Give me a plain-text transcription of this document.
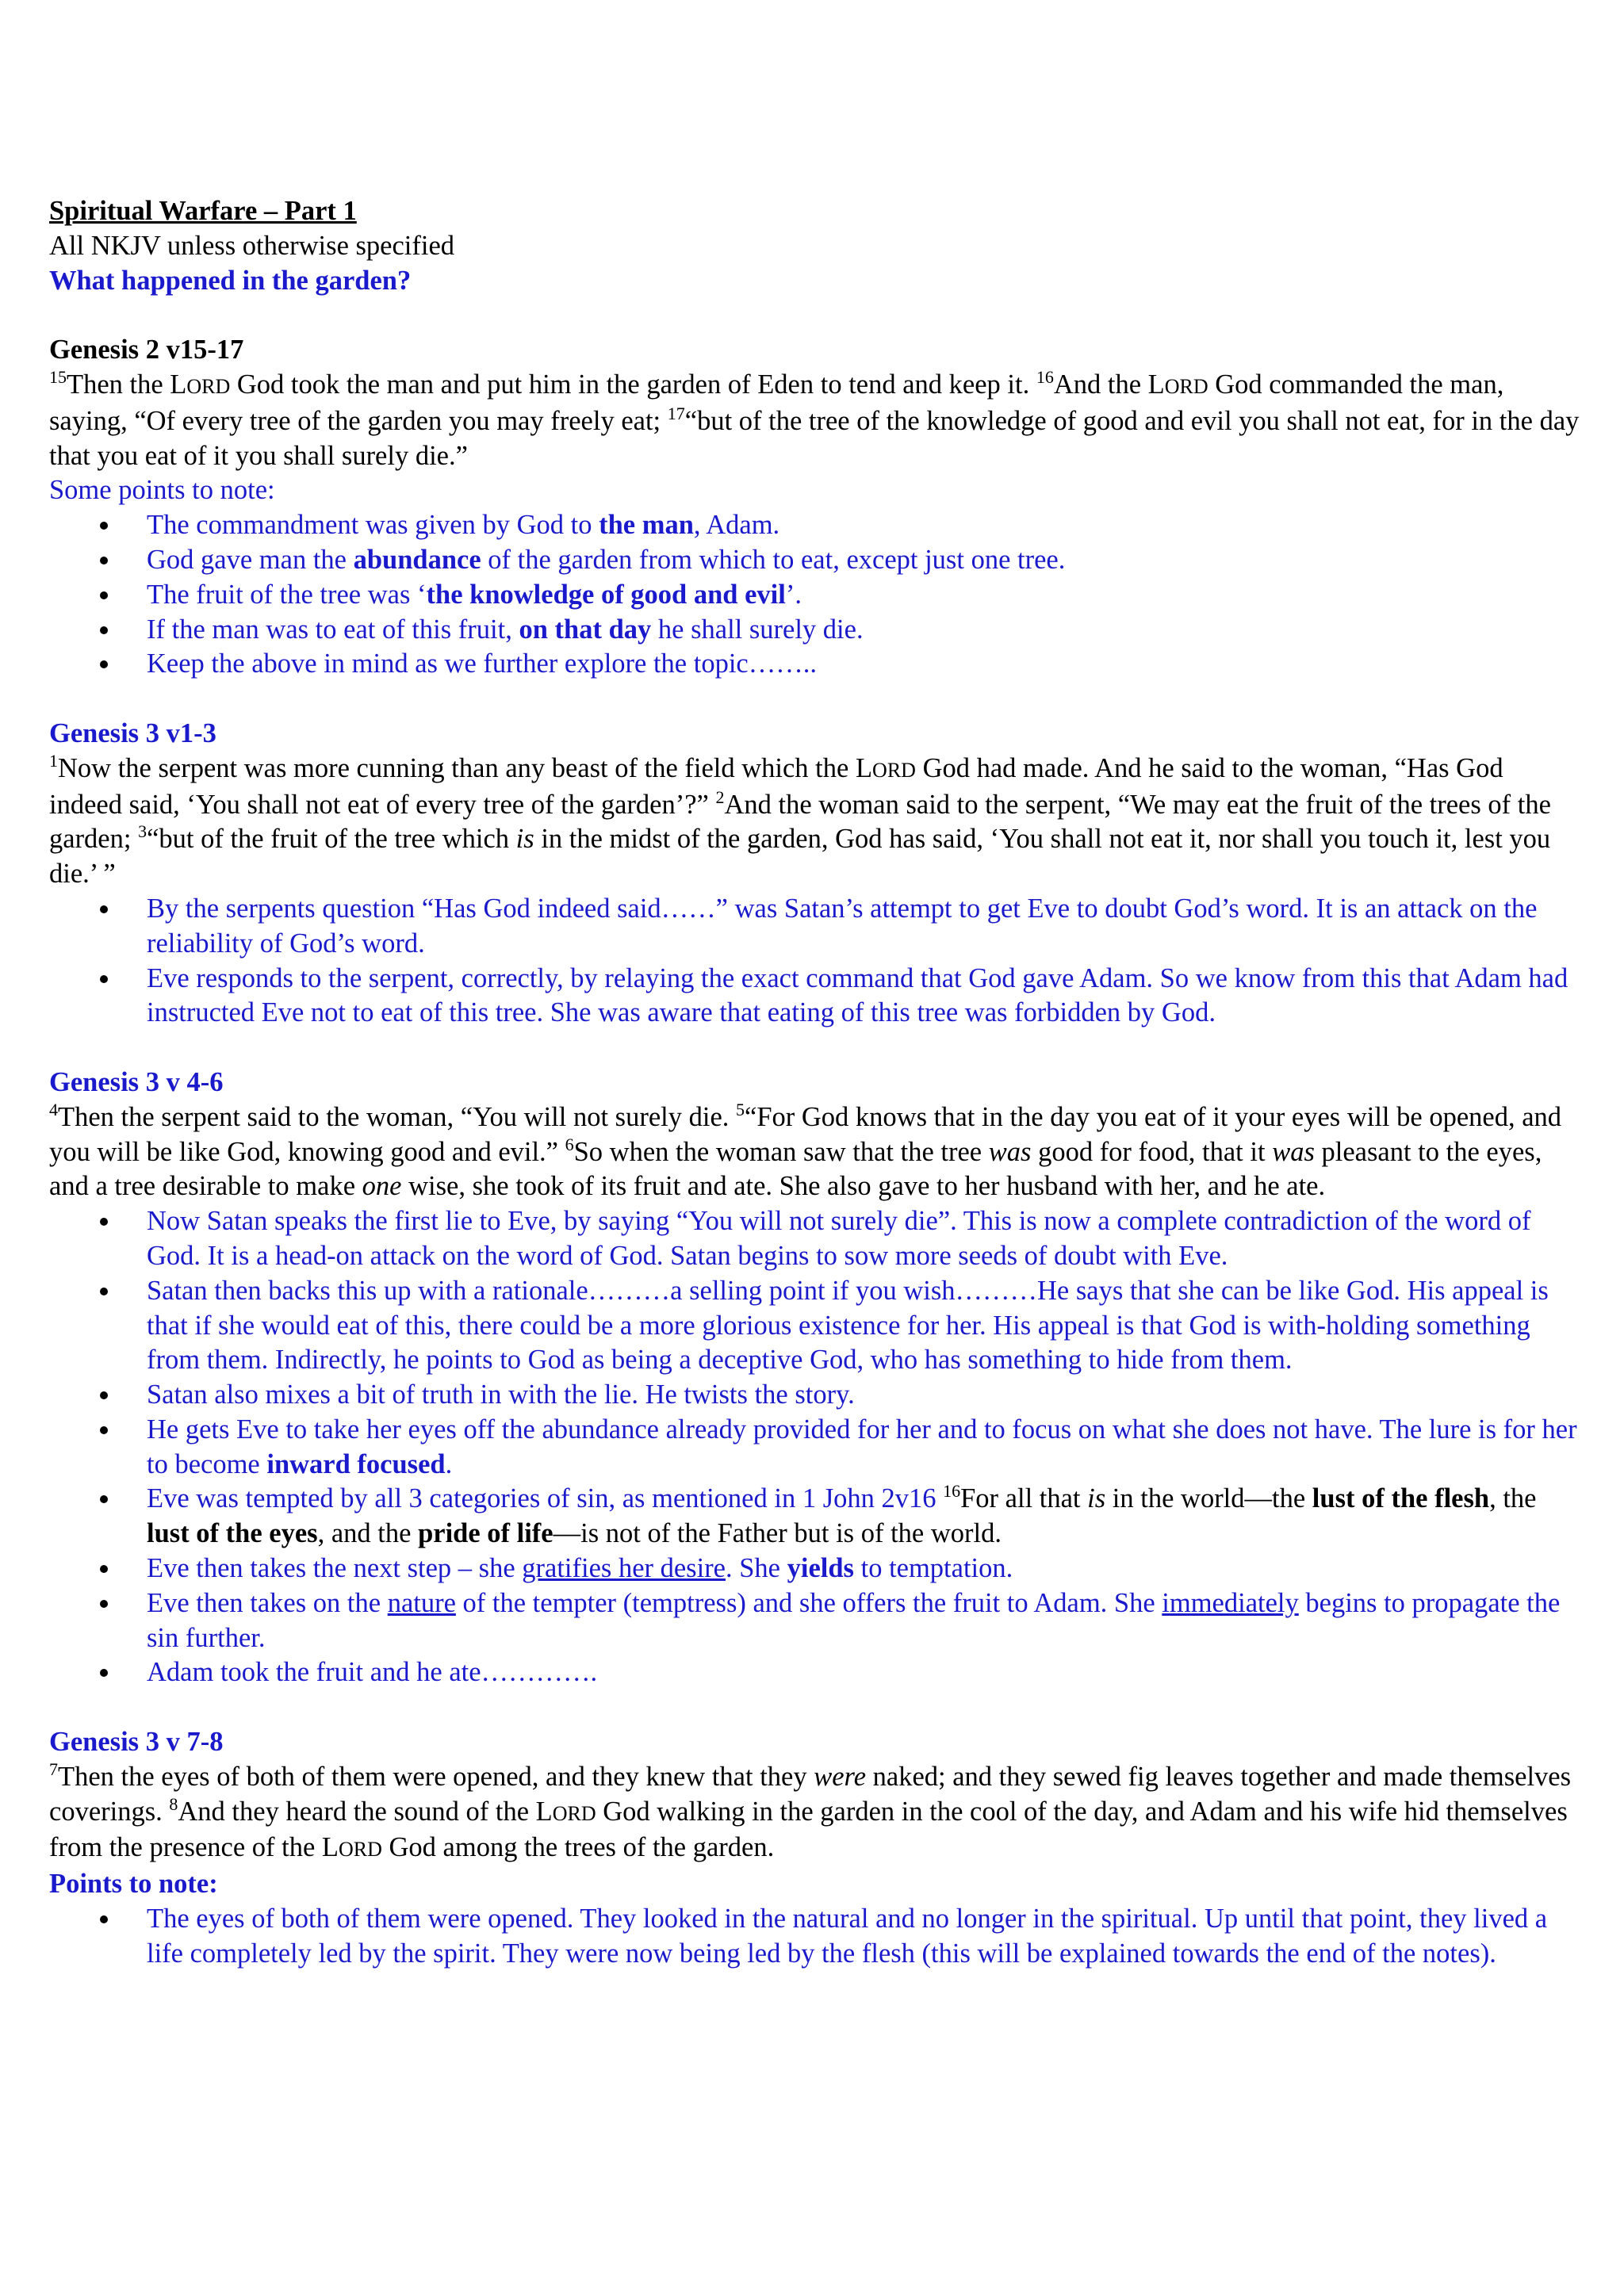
Spiritual Warfare – Part 1

All NKJV unless otherwise specified

What happened in the garden?

Genesis 2 v15-17

$^{15}$Then the LORD God took the man and put him in the garden of Eden to tend and keep it. $^{16}$And the LORD God commanded the man, saying, “Of every tree of the garden you may freely eat; $^{17}$“but of the tree of the knowledge of good and evil you shall not eat, for in the day that you eat of it you shall surely die.”

Some points to note:

The commandment was given by God to the man, Adam.
God gave man the abundance of the garden from which to eat, except just one tree.
The fruit of the tree was ‘the knowledge of good and evil’.
If the man was to eat of this fruit, on that day he shall surely die.
Keep the above in mind as we further explore the topic……..

Genesis 3 v1-3

$^1$Now the serpent was more cunning than any beast of the field which the LORD God had made. And he said to the woman, “Has God indeed said, ‘You shall not eat of every tree of the garden’?” $^2$And the woman said to the serpent, “We may eat the fruit of the trees of the garden; $^3$“but of the fruit of the tree which is in the midst of the garden, God has said, ‘You shall not eat it, nor shall you touch it, lest you die.’ ”

By the serpents question “Has God indeed said……” was Satan’s attempt to get Eve to doubt God’s word. It is an attack on the reliability of God’s word.
Eve responds to the serpent, correctly, by relaying the exact command that God gave Adam. So we know from this that Adam had instructed Eve not to eat of this tree. She was aware that eating of this tree was forbidden by God.

Genesis 3 v 4-6

$^4$Then the serpent said to the woman, “You will not surely die. $^5$“For God knows that in the day you eat of it your eyes will be opened, and you will be like God, knowing good and evil.” $^6$So when the woman saw that the tree was good for food, that it was pleasant to the eyes, and a tree desirable to make one wise, she took of its fruit and ate. She also gave to her husband with her, and he ate.

Now Satan speaks the first lie to Eve, by saying “You will not surely die”. This is now a complete contradiction of the word of God. It is a head-on attack on the word of God. Satan begins to sow more seeds of doubt with Eve.
Satan then backs this up with a rationale………a selling point if you wish………He says that she can be like God. His appeal is that if she would eat of this, there could be a more glorious existence for her. His appeal is that God is with-holding something from them. Indirectly, he points to God as being a deceptive God, who has something to hide from them.
Satan also mixes a bit of truth in with the lie. He twists the story.
He gets Eve to take her eyes off the abundance already provided for her and to focus on what she does not have. The lure is for her to become inward focused.
Eve was tempted by all 3 categories of sin, as mentioned in 1 John 2v16 $^{16}$For all that is in the world—the lust of the flesh, the lust of the eyes, and the pride of life—is not of the Father but is of the world.
Eve then takes the next step – she gratifies her desire. She yields to temptation.
Eve then takes on the nature of the tempter (temptress) and she offers the fruit to Adam. She immediately begins to propagate the sin further.
Adam took the fruit and he ate………….

Genesis 3 v 7-8

$^7$Then the eyes of both of them were opened, and they knew that they were naked; and they sewed fig leaves together and made themselves coverings. $^8$And they heard the sound of the LORD God walking in the garden in the cool of the day, and Adam and his wife hid themselves from the presence of the LORD God among the trees of the garden.

Points to note:

The eyes of both of them were opened. They looked in the natural and no longer in the spiritual. Up until that point, they lived a life completely led by the spirit. They were now being led by the flesh (this will be explained towards the end of the notes).
